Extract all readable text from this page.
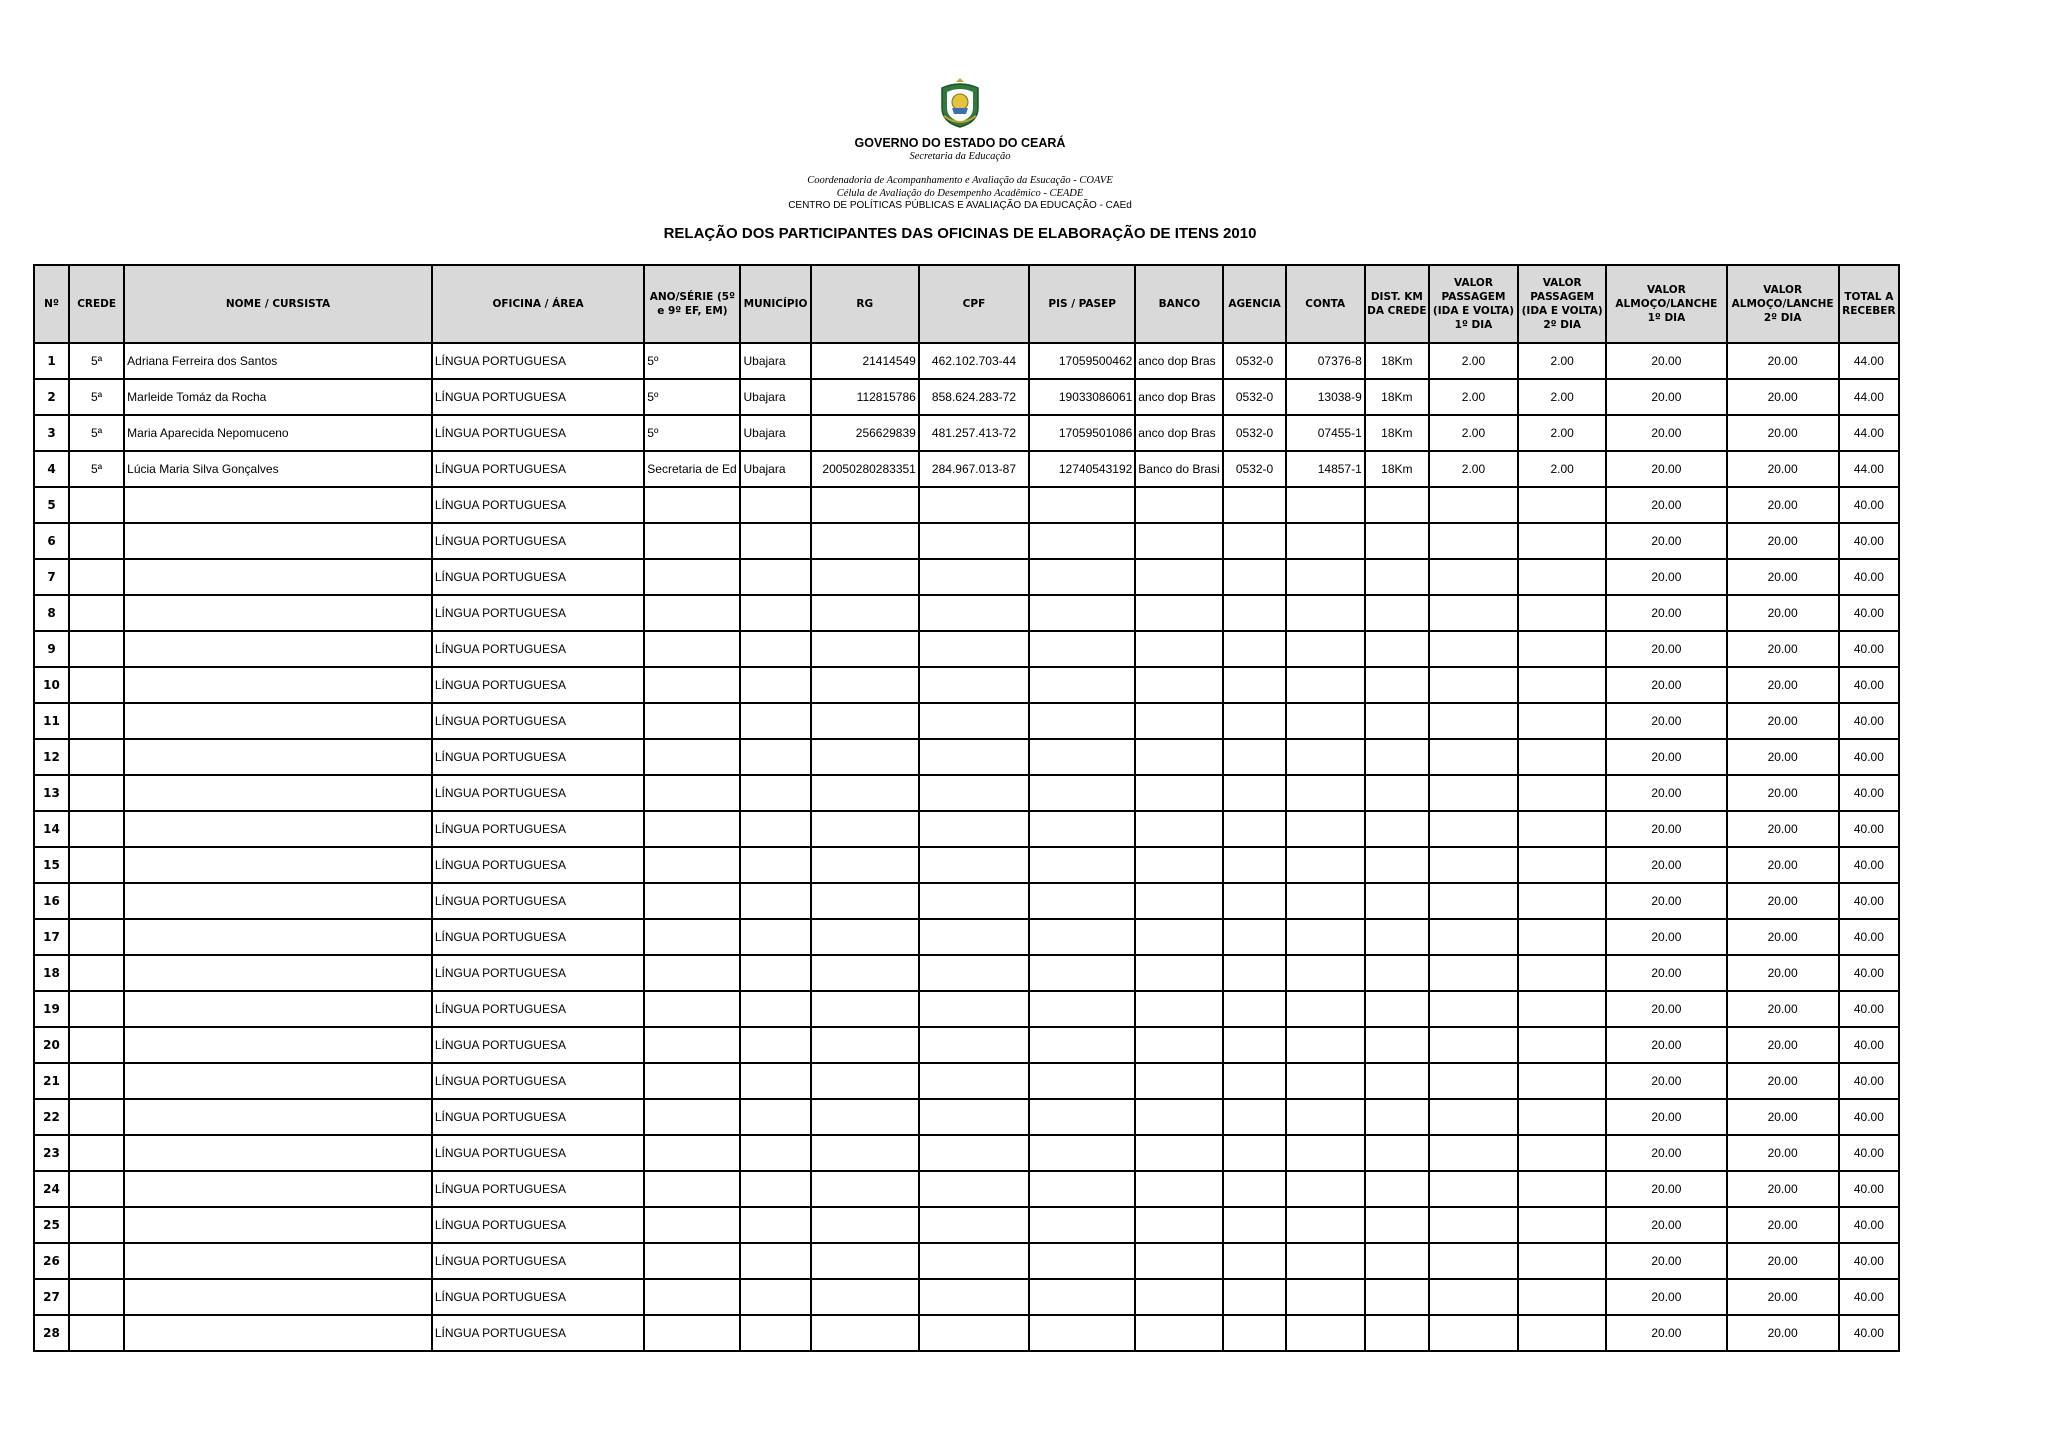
GOVERNO DO ESTADO DO CEARÁ
Secretaria da Educação
Coordenadoria de Acompanhamento e Avaliação da Esucação - COAVE
Célula de Avaliação do Desempenho Acadêmico - CEADE
CENTRO DE POLÍTICAS PÚBLICAS E AVALIAÇÃO DA EDUCAÇÃO - CAEd
RELAÇÃO DOS PARTICIPANTES DAS OFICINAS DE ELABORAÇÃO DE ITENS 2010
Nº	CREDE	NOME / CURSISTA	OFICINA / ÁREA	ANO/SÉRIE (5º e 9º EF, EM)	MUNICÍPIO	RG	CPF	PIS / PASEP	BANCO	AGENCIA	CONTA	DIST. KM DA CREDE	VALOR PASSAGEM (IDA E VOLTA) 1º DIA	VALOR PASSAGEM (IDA E VOLTA) 2º DIA	VALOR ALMOÇO/LANCHE 1º DIA	VALOR ALMOÇO/LANCHE 2º DIA	TOTAL A RECEBER
1	5ª	Adriana Ferreira dos Santos	LÍNGUA PORTUGUESA	5º	Ubajara	21414549	462.102.703-44	17059500462	anco dop Bras	0532-0	07376-8	18Km	2.00	2.00	20.00	20.00	44.00
2	5ª	Marleide Tomáz da Rocha	LÍNGUA PORTUGUESA	5º	Ubajara	112815786	858.624.283-72	19033086061	anco dop Bras	0532-0	13038-9	18Km	2.00	2.00	20.00	20.00	44.00
3	5ª	Maria Aparecida Nepomuceno	LÍNGUA PORTUGUESA	5º	Ubajara	256629839	481.257.413-72	17059501086	anco dop Bras	0532-0	07455-1	18Km	2.00	2.00	20.00	20.00	44.00
4	5ª	Lúcia Maria Silva Gonçalves	LÍNGUA PORTUGUESA	Secretaria de Ed	Ubajara	20050280283351	284.967.013-87	12740543192	Banco do Brasi	0532-0	14857-1	18Km	2.00	2.00	20.00	20.00	44.00
5			LÍNGUA PORTUGUESA												20.00	20.00	40.00
6			LÍNGUA PORTUGUESA												20.00	20.00	40.00
7			LÍNGUA PORTUGUESA												20.00	20.00	40.00
8			LÍNGUA PORTUGUESA												20.00	20.00	40.00
9			LÍNGUA PORTUGUESA												20.00	20.00	40.00
10			LÍNGUA PORTUGUESA												20.00	20.00	40.00
11			LÍNGUA PORTUGUESA												20.00	20.00	40.00
12			LÍNGUA PORTUGUESA												20.00	20.00	40.00
13			LÍNGUA PORTUGUESA												20.00	20.00	40.00
14			LÍNGUA PORTUGUESA												20.00	20.00	40.00
15			LÍNGUA PORTUGUESA												20.00	20.00	40.00
16			LÍNGUA PORTUGUESA												20.00	20.00	40.00
17			LÍNGUA PORTUGUESA												20.00	20.00	40.00
18			LÍNGUA PORTUGUESA												20.00	20.00	40.00
19			LÍNGUA PORTUGUESA												20.00	20.00	40.00
20			LÍNGUA PORTUGUESA												20.00	20.00	40.00
21			LÍNGUA PORTUGUESA												20.00	20.00	40.00
22			LÍNGUA PORTUGUESA												20.00	20.00	40.00
23			LÍNGUA PORTUGUESA												20.00	20.00	40.00
24			LÍNGUA PORTUGUESA												20.00	20.00	40.00
25			LÍNGUA PORTUGUESA												20.00	20.00	40.00
26			LÍNGUA PORTUGUESA												20.00	20.00	40.00
27			LÍNGUA PORTUGUESA												20.00	20.00	40.00
28			LÍNGUA PORTUGUESA												20.00	20.00	40.00
